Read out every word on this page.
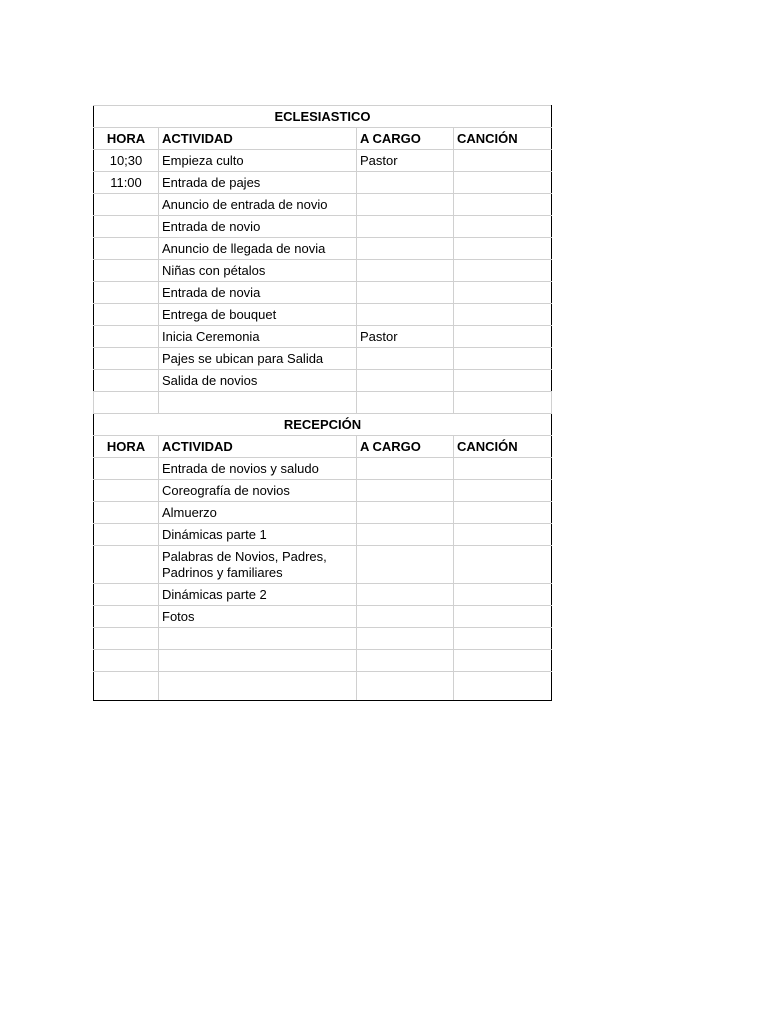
ECLESIASTICO			
HORA	ACTIVIDAD	A CARGO	CANCIÓN
10;30	Empieza culto	Pastor	
11:00	Entrada de pajes		
	Anuncio de entrada de novio		
	Entrada de novio		
	Anuncio de llegada de novia		
	Niñas con pétalos		
	Entrada de novia		
	Entrega de bouquet		
	Inicia Ceremonia	Pastor	
	Pajes se ubican para Salida		
	Salida de novios		

RECEPCIÓN			
HORA	ACTIVIDAD	A CARGO	CANCIÓN
	Entrada de novios y saludo		
	Coreografía de novios		
	Almuerzo		
	Dinámicas parte 1		
	Palabras de Novios, Padres, Padrinos y familiares		
	Dinámicas parte 2		
	Fotos		
